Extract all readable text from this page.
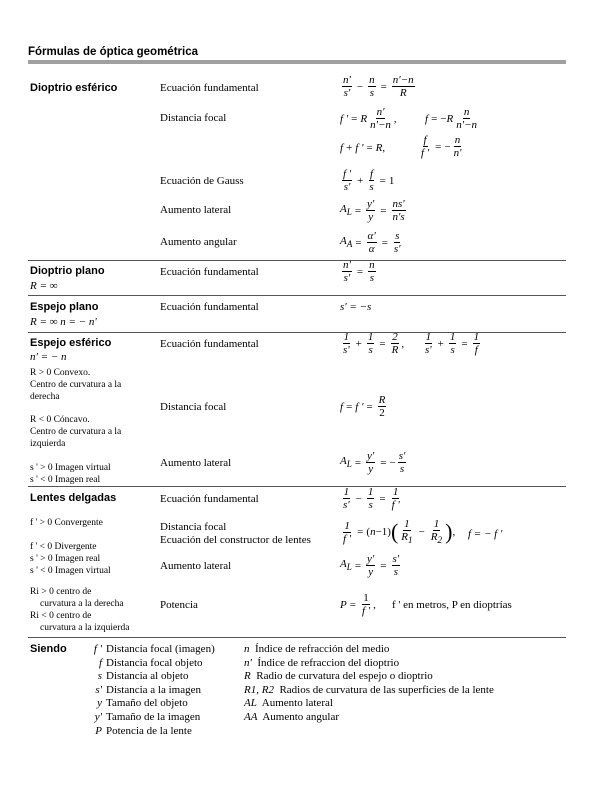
Fórmulas de óptica geométrica
Dioptrio esférico	Ecuación fundamental	$\frac{n'}{s'} - \frac{n}{s} = \frac{n'-n}{R}$
Distancia focal	f ' = R $\frac{n'}{n'-n}$ ,	f = − R $\frac{n}{n'-n}$
f + f ' = R ,	$\frac{f}{f '}$ = − $\frac{n}{n'}$
Ecuación de Gauss	$\frac{f '}{s'} + \frac{f}{s} = 1$
Aumento lateral	$A_L = \frac{y'}{y} = \frac{ns'}{n's}$
Aumento angular	$A_A = \frac{\alpha'}{\alpha} = \frac{s}{s'}$
Dioptrio plano
R = ∞
Ecuación fundamental	$\frac{n'}{s'} = \frac{n}{s}$
Espejo plano
R = ∞ n = − n'
Ecuación fundamental	s' = −s
Espejo esférico
n' = − n
R > 0 Convexo.
Centro de curvatura a la
derecha
R < 0 Cóncavo.
Centro de curvatura a la
izquierda
s ' > 0 Imagen virtual
s ' < 0 Imagen real
Ecuación fundamental	$\frac{1}{s'} + \frac{1}{s} = \frac{2}{R}$ , $\frac{1}{s'} + \frac{1}{s} = \frac{1}{f}$
Distancia focal	f = f ' = $\frac{R}{2}$
Aumento lateral	$A_L = \frac{y'}{y}$ = − $\frac{s'}{s}$
Lentes delgadas
f ' > 0 Convergente
f ' < 0 Divergente
s ' > 0 Imagen real
s ' < 0 Imagen virtual
Ri > 0 centro de
curvatura a la derecha
Ri < 0 centro de
curvatura a la izquierda
Ecuación fundamental	$\frac{1}{s'} - \frac{1}{s} = \frac{1}{f '}$
Distancia focal
Ecuación del constructor de lentes	$\frac{1}{f '}$ = ( n −1) ( $\frac{1}{R_1} - \frac{1}{R_2}$ ) , f = − f '
Aumento lateral	$A_L = \frac{y'}{y} = \frac{s'}{s}$
Potencia	$P = \frac{1}{f '}$ , f ' en metros, P en dioptrías
Siendo	f ' Distancia focal (imagen)
f Distancia focal objeto
s Distancia al objeto
s' Distancia a la imagen
y Tamaño del objeto
y' Tamaño de la imagen
P Potencia de la lente
n Índice de refracción del medio
n' Índice de refraccion del dioptrio
R Radio de curvatura del espejo o dioptrio
R1, R2 Radios de curvatura de las superficies de la lente
AL Aumento lateral
AA Aumento angular
